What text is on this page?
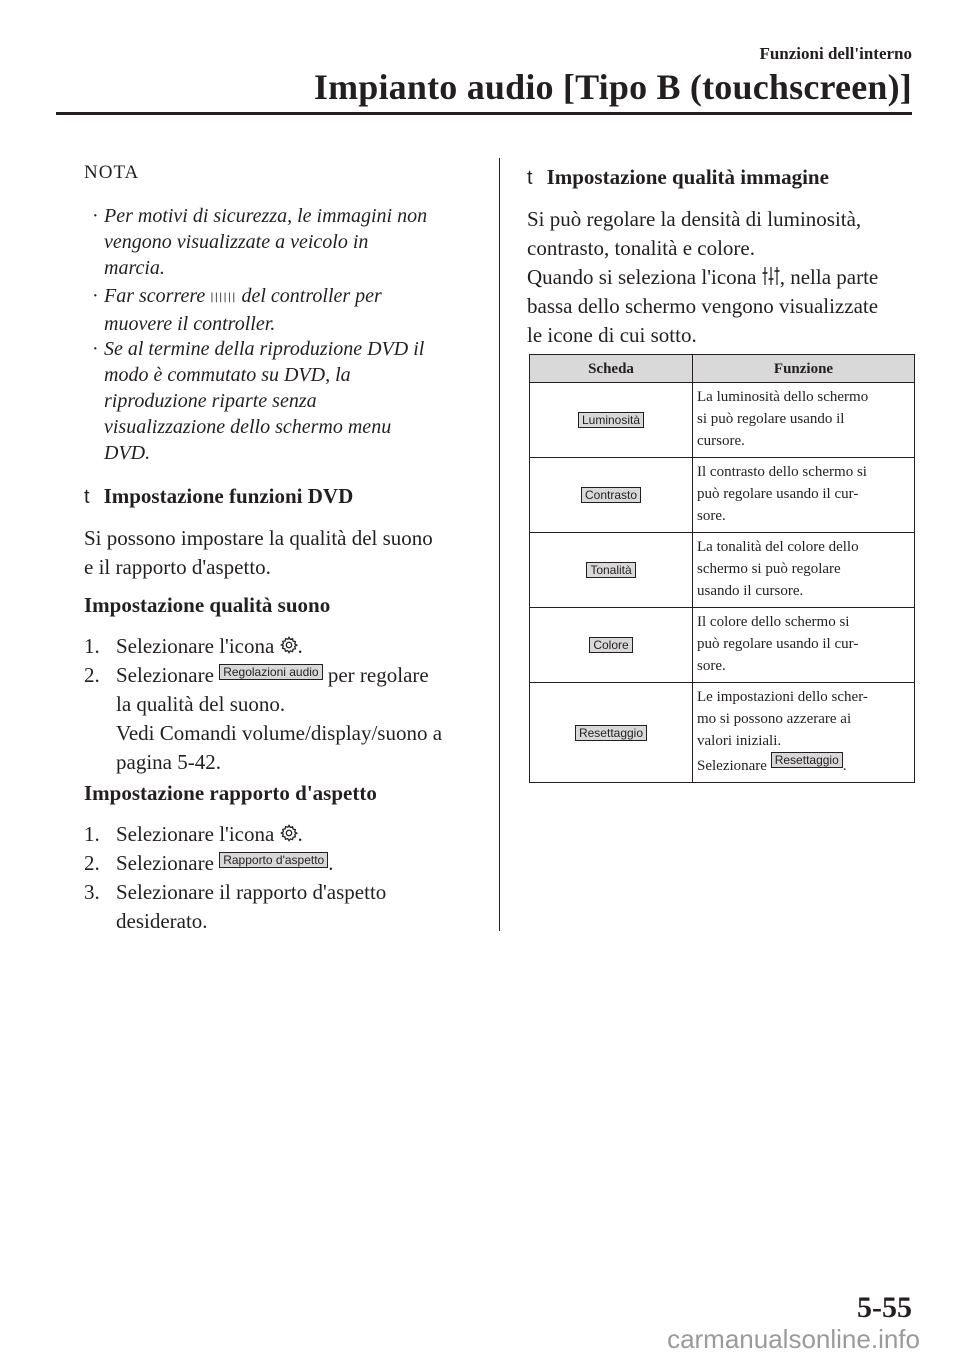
Funzioni dell'interno
Impianto audio [Tipo B (touchscreen)]
NOTA
· Per motivi di sicurezza, le immagini non
vengono visualizzate a veicolo in
marcia.
· Far scorrere |||||| del controller per
muovere il controller.
· Se al termine della riproduzione DVD il
modo è commutato su DVD, la
riproduzione riparte senza
visualizzazione dello schermo menu
DVD.
t Impostazione funzioni DVD
Si possono impostare la qualità del suono
e il rapporto d'aspetto.
Impostazione qualità suono
1. Selezionare l'icona .
2. Selezionare Regolazioni audio per regolare
la qualità del suono.
Vedi Comandi volume/display/suono a
pagina 5-42.
Impostazione rapporto d'aspetto
1. Selezionare l'icona .
2. Selezionare Rapporto d'aspetto .
3. Selezionare il rapporto d'aspetto
desiderato.
t Impostazione qualità immagine
Si può regolare la densità di luminosità,
contrasto, tonalità e colore.
Quando si seleziona l'icona , nella parte
bassa dello schermo vengono visualizzate
le icone di cui sotto.
Scheda	Funzione
Luminosità	La luminosità dello schermo
si può regolare usando il
cursore.

Contrasto	Il contrasto dello schermo si
può regolare usando il cur-
sore.

Tonalità	La tonalità del colore dello
schermo si può regolare
usando il cursore.

Colore	Il colore dello schermo si
può regolare usando il cur-
sore.

Resettaggio	Le impostazioni dello scher-
mo si possono azzerare ai
valori iniziali.
Selezionare Resettaggio .
5-55
carmanualsonline.info
